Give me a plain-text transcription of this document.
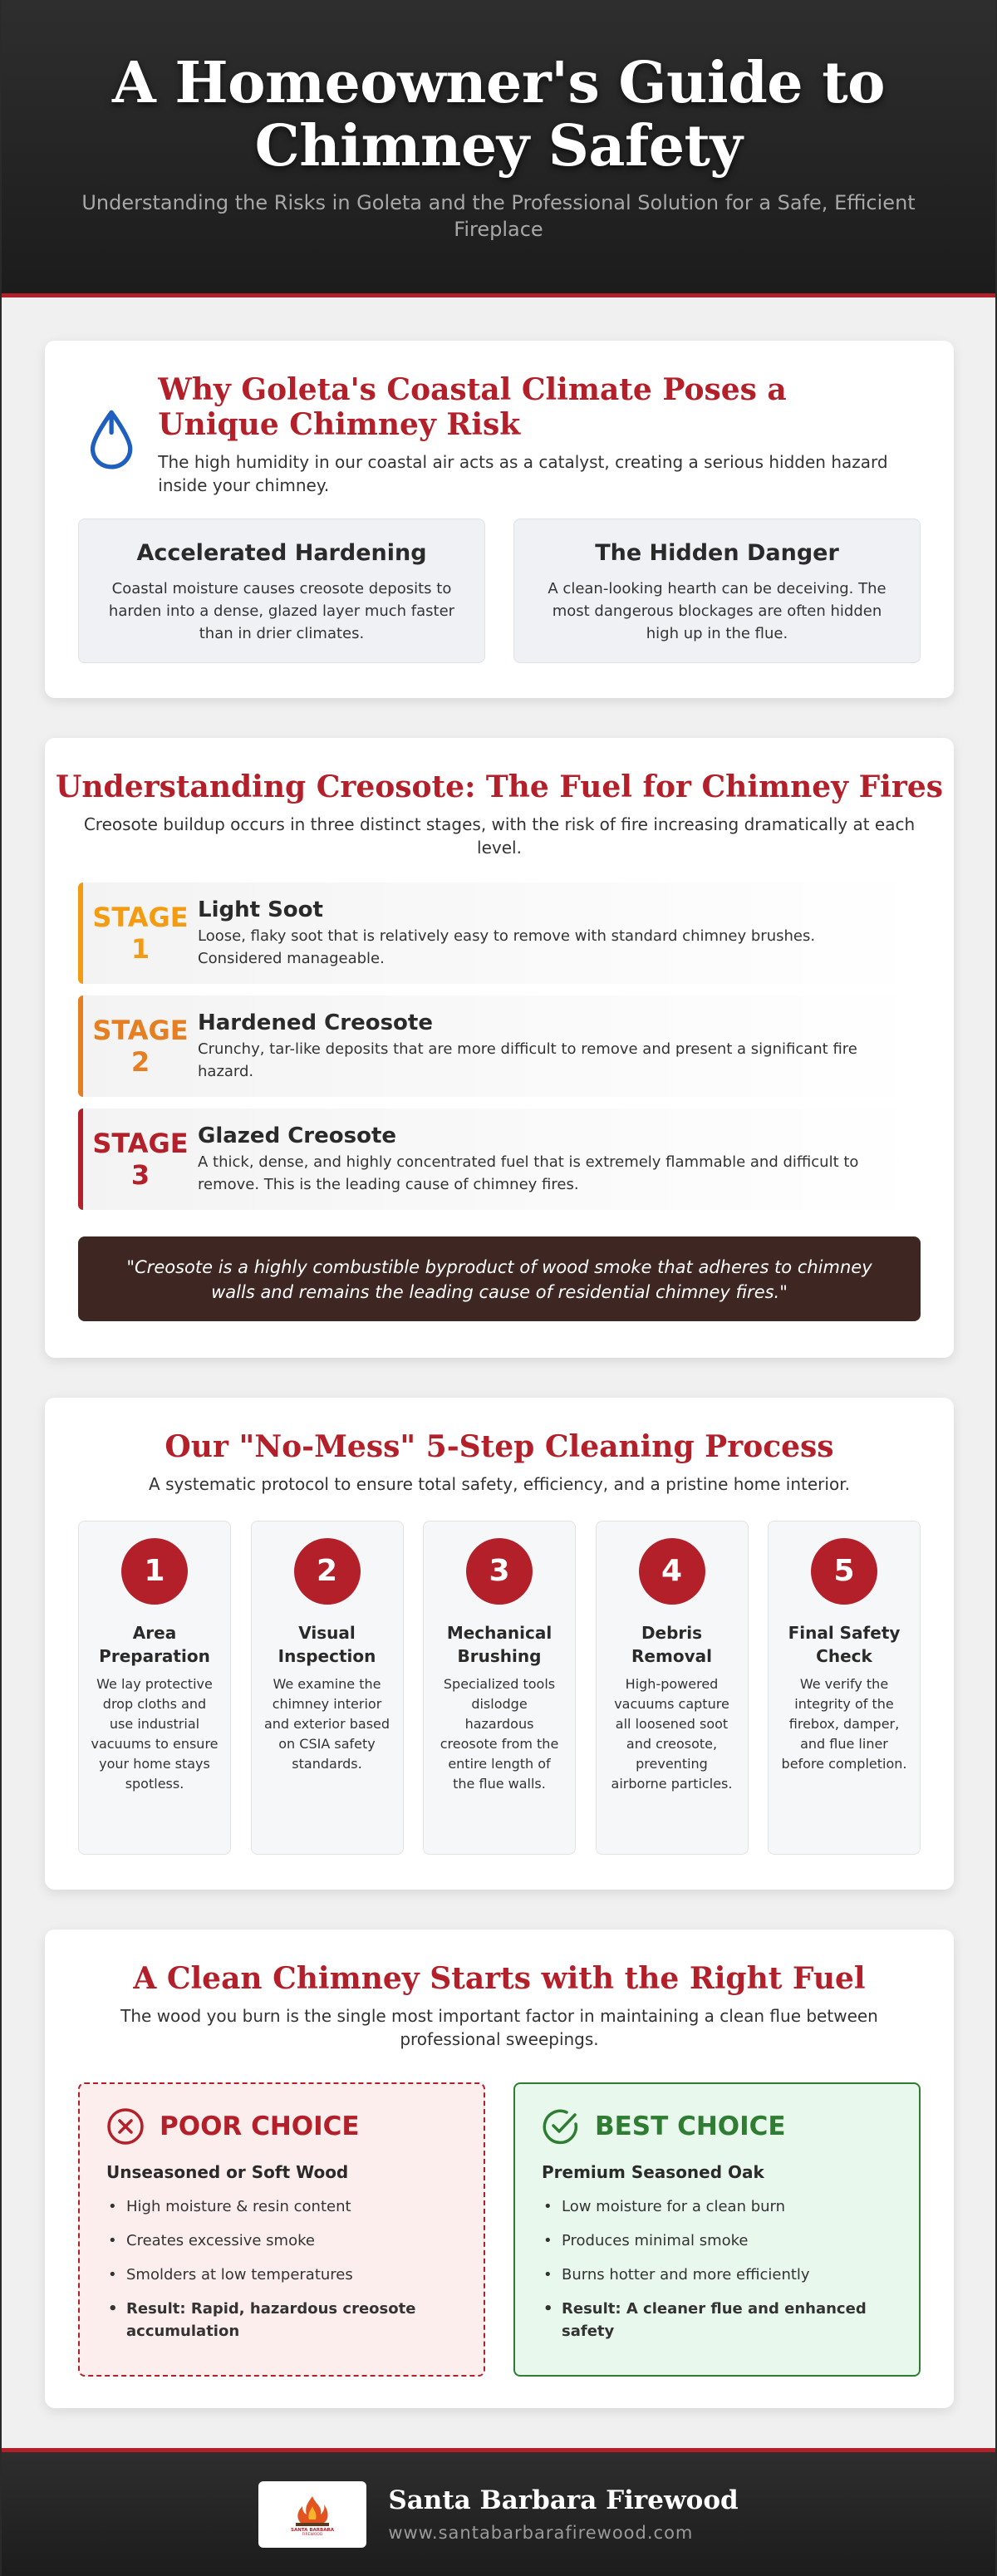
A Homeowner's Guide to Chimney Safety

Understanding the Risks in Goleta and the Professional Solution for a Safe, Efficient Fireplace

Why Goleta's Coastal Climate Poses a Unique Chimney Risk

The high humidity in our coastal air acts as a catalyst, creating a serious hidden hazard inside your chimney.

Accelerated Hardening

Coastal moisture causes creosote deposits to harden into a dense, glazed layer much faster than in drier climates.

The Hidden Danger

A clean-looking hearth can be deceiving. The most dangerous blockages are often hidden high up in the flue.

Understanding Creosote: The Fuel for Chimney Fires

Creosote buildup occurs in three distinct stages, with the risk of fire increasing dramatically at each level.

STAGE
1
Light Soot

Loose, flaky soot that is relatively easy to remove with standard chimney brushes. Considered manageable.

STAGE
2
Hardened Creosote

Crunchy, tar-like deposits that are more difficult to remove and present a significant fire hazard.

STAGE
3
Glazed Creosote

A thick, dense, and highly concentrated fuel that is extremely flammable and difficult to remove. This is the leading cause of chimney fires.

"Creosote is a highly combustible byproduct of wood smoke that adheres to chimney walls and remains the leading cause of residential chimney fires."
Our "No-Mess" 5-Step Cleaning Process

A systematic protocol to ensure total safety, efficiency, and a pristine home interior.

1
Area Preparation

We lay protective drop cloths and use industrial vacuums to ensure your home stays spotless.

2
Visual Inspection

We examine the chimney interior and exterior based on CSIA safety standards.

3
Mechanical Brushing

Specialized tools dislodge hazardous creosote from the entire length of the flue walls.

4
Debris Removal

High-powered vacuums capture all loosened soot and creosote, preventing airborne particles.

5
Final Safety Check

We verify the integrity of the firebox, damper, and flue liner before completion.

A Clean Chimney Starts with the Right Fuel

The wood you burn is the single most important factor in maintaining a clean flue between professional sweepings.

POOR CHOICE
Unseasoned or Soft Wood
• High moisture & resin content
• Creates excessive smoke
• Smolders at low temperatures
• Result: Rapid, hazardous creosote accumulation
BEST CHOICE
Premium Seasoned Oak
• Low moisture for a clean burn
• Produces minimal smoke
• Burns hotter and more efficiently
• Result: A cleaner flue and enhanced safety
SANTA BARBARA
FIREWOOD
Santa Barbara Firewood
www.santabarbarafirewood.com
